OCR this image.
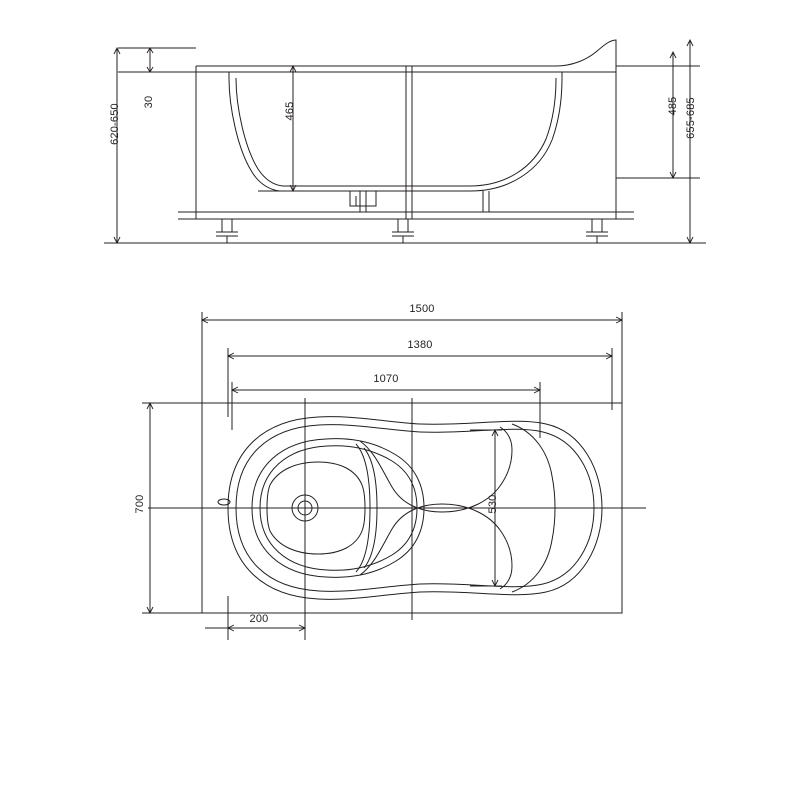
30
620-650	465	485 655-685
1500
1380
1070
200
700	530
